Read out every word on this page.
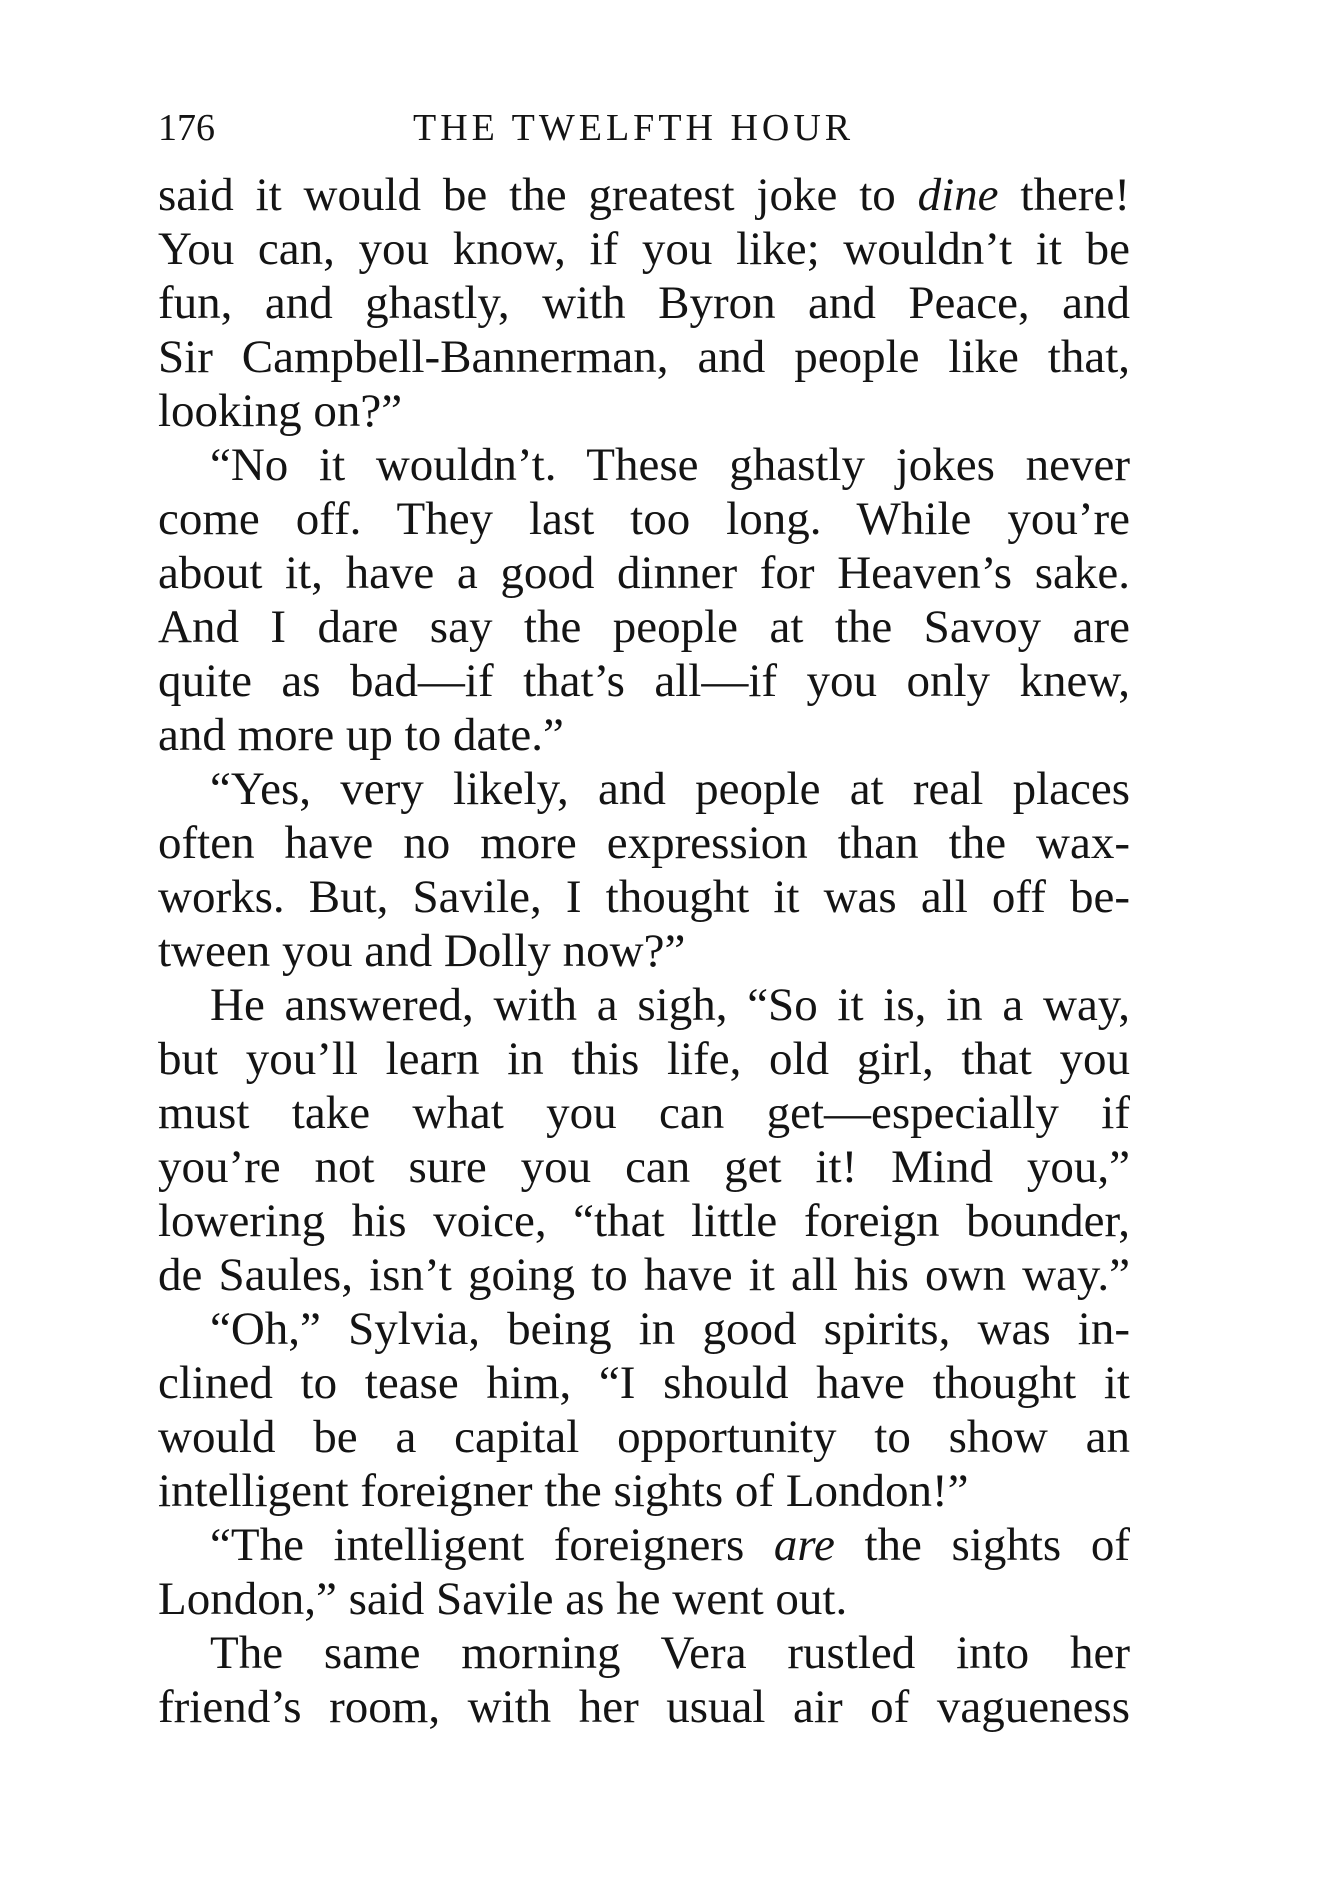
176	THE TWELFTH HOUR
said it would be the greatest joke to dine there!
You can, you know, if you like; wouldn’t it be
fun, and ghastly, with Byron and Peace, and
Sir Campbell-Bannerman, and people like that,
looking on?”
“No it wouldn’t. These ghastly jokes never
come off. They last too long. While you’re
about it, have a good dinner for Heaven’s sake.
And I dare say the people at the Savoy are
quite as bad—if that’s all—if you only knew,
and more up to date.”
“Yes, very likely, and people at real places
often have no more expression than the wax-
works. But, Savile, I thought it was all off be-
tween you and Dolly now?”
He answered, with a sigh, “So it is, in a way,
but you’ll learn in this life, old girl, that you
must take what you can get—especially if
you’re not sure you can get it! Mind you,”
lowering his voice, “that little foreign bounder,
de Saules, isn’t going to have it all his own way.”
“Oh,” Sylvia, being in good spirits, was in-
clined to tease him, “I should have thought it
would be a capital opportunity to show an
intelligent foreigner the sights of London!”
“The intelligent foreigners are the sights of
London,” said Savile as he went out.
The same morning Vera rustled into her
friend’s room, with her usual air of vagueness
